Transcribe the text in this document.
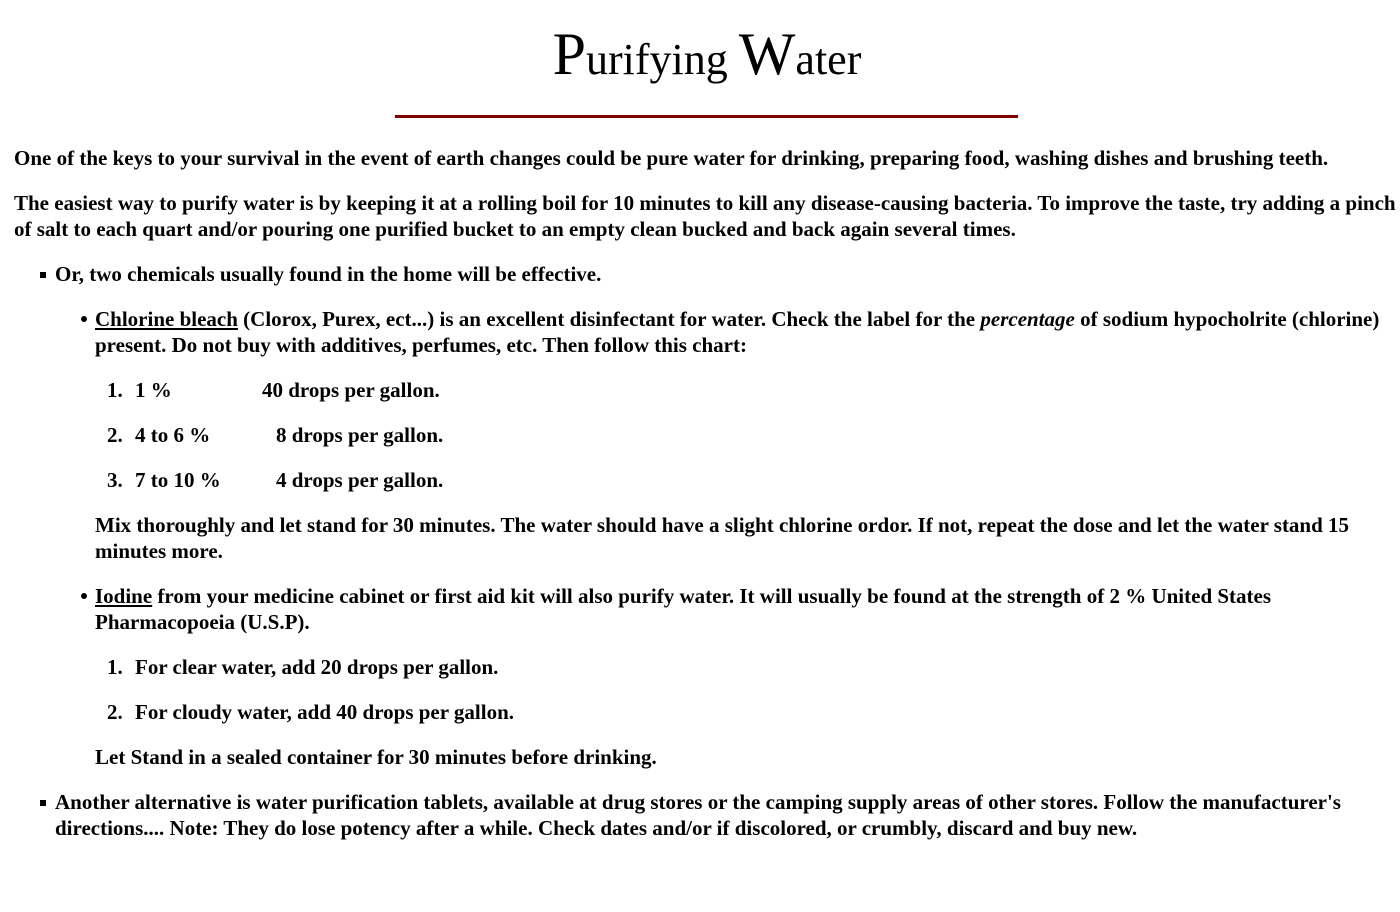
Purifying Water

One of the keys to your survival in the event of earth changes could be pure water for drinking, preparing food, washing dishes and brushing teeth.

The easiest way to purify water is by keeping it at a rolling boil for 10 minutes to kill any disease-causing bacteria. To improve the taste, try adding a pinch of salt to each quart and/or pouring one purified bucket to an empty clean bucked and back again several times.

Or, two chemicals usually found in the home will be effective.
Chlorine bleach (Clorox, Purex, ect...) is an excellent disinfectant for water. Check the label for the percentage of sodium hypocholrite (chlorine) present. Do not buy with additives, perfumes, etc. Then follow this chart:
1. 1 %	40 drops per gallon.
2. 4 to 6 %	8 drops per gallon.
3. 7 to 10 %	4 drops per gallon.
Mix thoroughly and let stand for 30 minutes. The water should have a slight chlorine ordor. If not, repeat the dose and let the water stand 15 minutes more.
Iodine from your medicine cabinet or first aid kit will also purify water. It will usually be found at the strength of 2 % United States Pharmacopoeia (U.S.P).
1. For clear water, add 20 drops per gallon.
2. For cloudy water, add 40 drops per gallon.
Let Stand in a sealed container for 30 minutes before drinking.
Another alternative is water purification tablets, available at drug stores or the camping supply areas of other stores. Follow the manufacturer's directions.... Note: They do lose potency after a while. Check dates and/or if discolored, or crumbly, discard and buy new.
